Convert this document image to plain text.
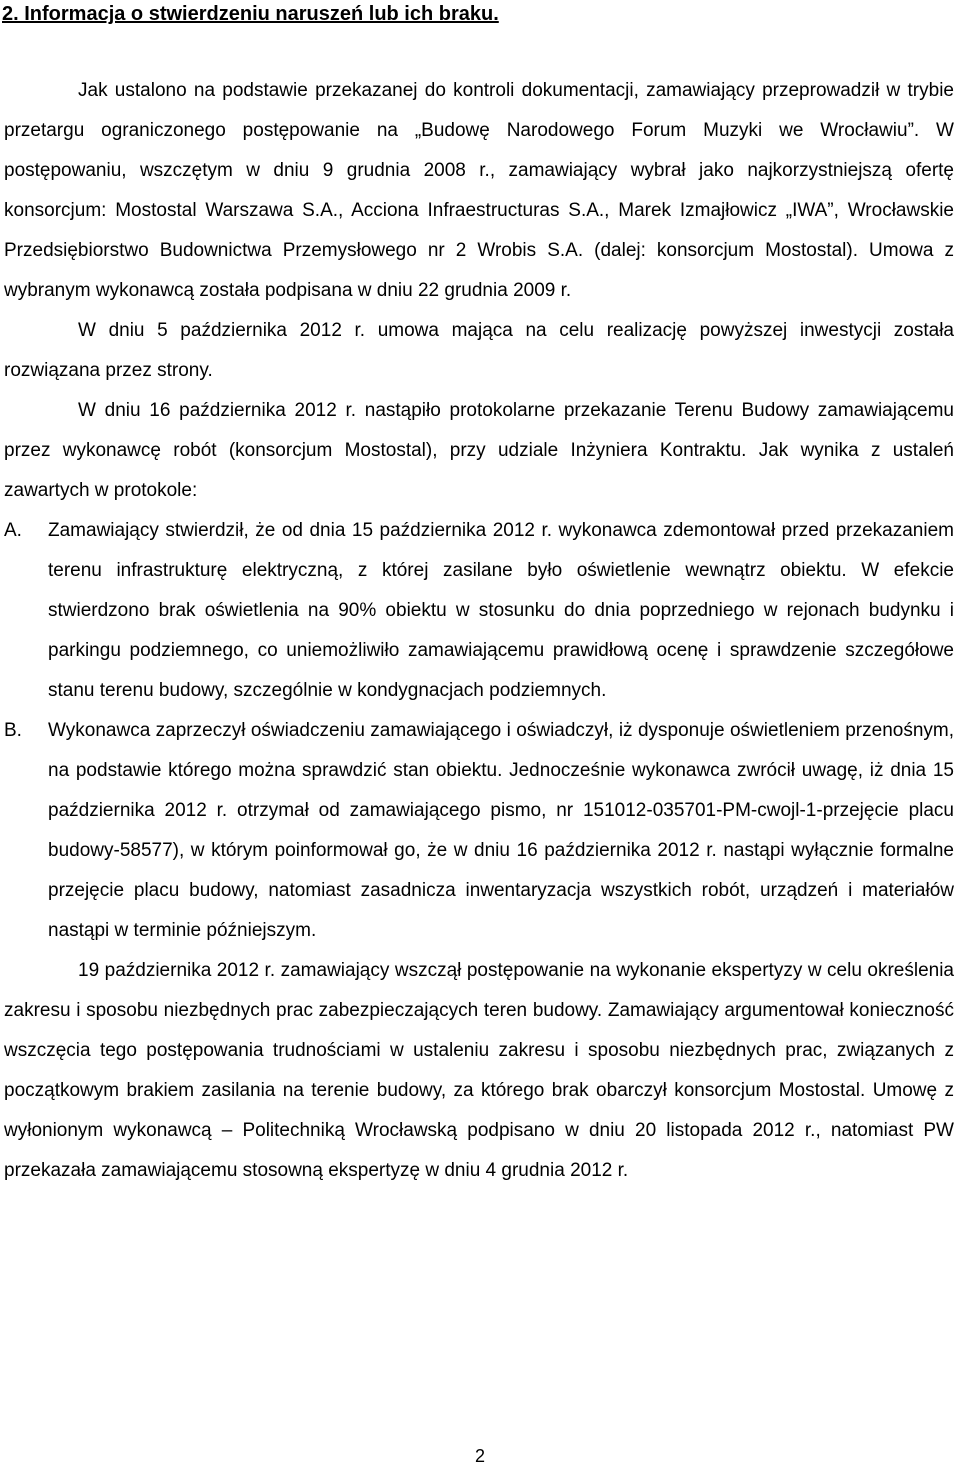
2. Informacja o stwierdzeniu naruszeń lub ich braku.

Jak ustalono na podstawie przekazanej do kontroli dokumentacji, zamawiający przeprowadził w trybie przetargu ograniczonego postępowanie na „Budowę Narodowego Forum Muzyki we Wrocławiu”. W postępowaniu, wszczętym w dniu 9 grudnia 2008 r., zamawiający wybrał jako najkorzystniejszą ofertę konsorcjum: Mostostal Warszawa S.A., Acciona Infraestructuras S.A., Marek Izmajłowicz „IWA”, Wrocławskie Przedsiębiorstwo Budownictwa Przemysłowego nr 2 Wrobis S.A. (dalej: konsorcjum Mostostal). Umowa z wybranym wykonawcą została podpisana w dniu 22 grudnia 2009 r.

W dniu 5 października 2012 r. umowa mająca na celu realizację powyższej inwestycji została rozwiązana przez strony.

W dniu 16 października 2012 r. nastąpiło protokolarne przekazanie Terenu Budowy zamawiającemu przez wykonawcę robót (konsorcjum Mostostal), przy udziale Inżyniera Kontraktu. Jak wynika z ustaleń zawartych w protokole:

A. Zamawiający stwierdził, że od dnia 15 października 2012 r. wykonawca zdemontował przed przekazaniem terenu infrastrukturę elektryczną, z której zasilane było oświetlenie wewnątrz obiektu. W efekcie stwierdzono brak oświetlenia na 90% obiektu w stosunku do dnia poprzedniego w rejonach budynku i parkingu podziemnego, co uniemożliwiło zamawiającemu prawidłową ocenę i sprawdzenie szczegółowe stanu terenu budowy, szczególnie w kondygnacjach podziemnych.

B. Wykonawca zaprzeczył oświadczeniu zamawiającego i oświadczył, iż dysponuje oświetleniem przenośnym, na podstawie którego można sprawdzić stan obiektu. Jednocześnie wykonawca zwrócił uwagę, iż dnia 15 października 2012 r. otrzymał od zamawiającego pismo, nr 151012-035701-PM-cwojl-1-przejęcie placu budowy-58577), w którym poinformował go, że w dniu 16 października 2012 r. nastąpi wyłącznie formalne przejęcie placu budowy, natomiast zasadnicza inwentaryzacja wszystkich robót, urządzeń i materiałów nastąpi w terminie późniejszym.

19 października 2012 r. zamawiający wszczął postępowanie na wykonanie ekspertyzy w celu określenia zakresu i sposobu niezbędnych prac zabezpieczających teren budowy. Zamawiający argumentował konieczność wszczęcia tego postępowania trudnościami w ustaleniu zakresu i sposobu niezbędnych prac, związanych z początkowym brakiem zasilania na terenie budowy, za którego brak obarczył konsorcjum Mostostal. Umowę z wyłonionym wykonawcą – Politechniką Wrocławską podpisano w dniu 20 listopada 2012 r., natomiast PW przekazała zamawiającemu stosowną ekspertyzę w dniu 4 grudnia 2012 r.

2
